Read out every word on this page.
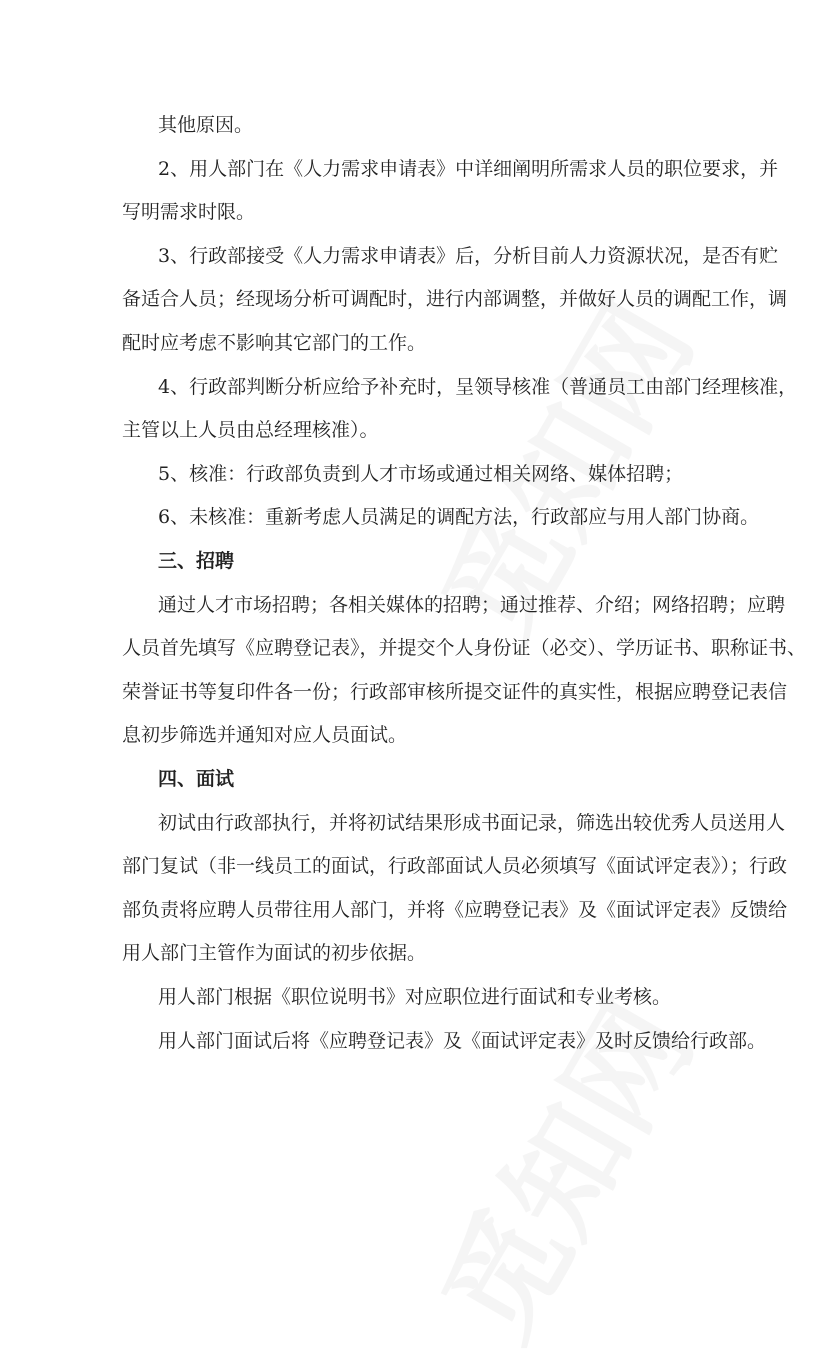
其他原因。
2、用人部门在《人力需求申请表》中详细阐明所需求人员的职位要求，并
写明需求时限。
3、行政部接受《人力需求申请表》后，分析目前人力资源状况，是否有贮
备适合人员；经现场分析可调配时，进行内部调整，并做好人员的调配工作，调
配时应考虑不影响其它部门的工作。
4、行政部判断分析应给予补充时，呈领导核准（普通员工由部门经理核准，
主管以上人员由总经理核准）。
5、核准：行政部负责到人才市场或通过相关网络、媒体招聘；
6、未核准：重新考虑人员满足的调配方法，行政部应与用人部门协商。
三、招聘
通过人才市场招聘；各相关媒体的招聘；通过推荐、介绍；网络招聘；应聘
人员首先填写《应聘登记表》，并提交个人身份证（必交）、学历证书、职称证书、
荣誉证书等复印件各一份；行政部审核所提交证件的真实性，根据应聘登记表信
息初步筛选并通知对应人员面试。
四、面试
初试由行政部执行，并将初试结果形成书面记录，筛选出较优秀人员送用人
部门复试（非一线员工的面试，行政部面试人员必须填写《面试评定表》）；行政
部负责将应聘人员带往用人部门，并将《应聘登记表》及《面试评定表》反馈给
用人部门主管作为面试的初步依据。
用人部门根据《职位说明书》对应职位进行面试和专业考核。
用人部门面试后将《应聘登记表》及《面试评定表》及时反馈给行政部。
